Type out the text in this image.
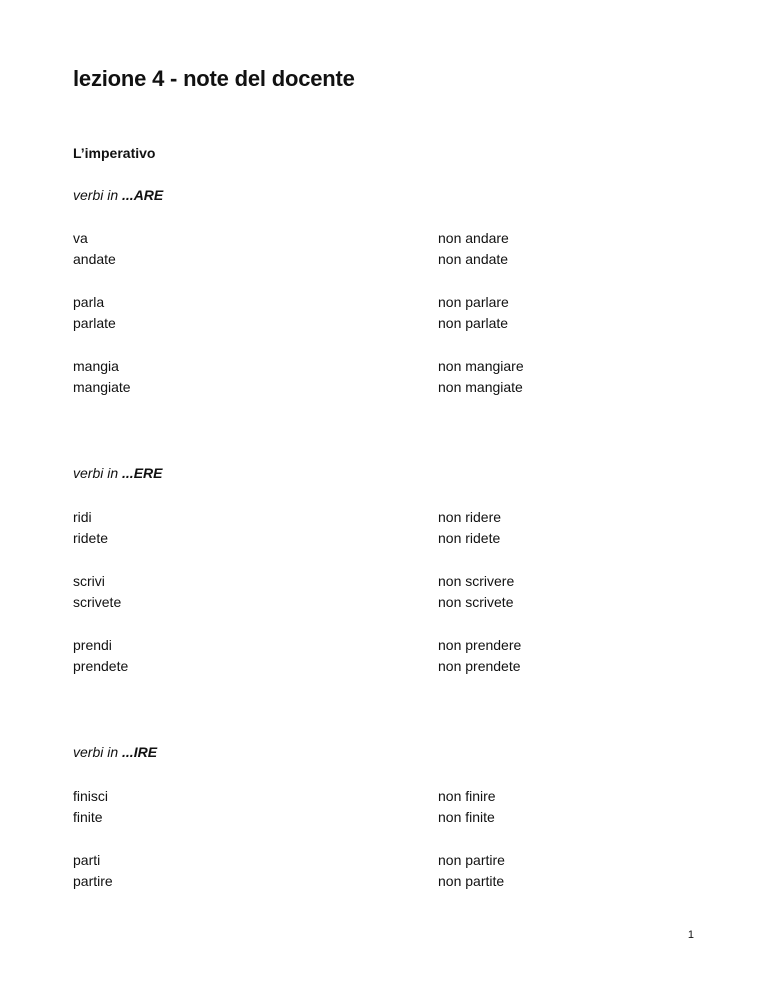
lezione 4 - note del docente
L’imperativo

verbi in ...ARE

va
andate
non andare
non andate
parla
parlate
non parlare
non parlate
mangia
mangiate
non mangiare
non mangiate

verbi in ...ERE

ridi
ridete
non ridere
non ridete
scrivi
scrivete
non scrivere
non scrivete
prendi
prendete
non prendere
non prendete

verbi in ...IRE

finisci
finite
non finire
non finite
parti
partire
non partire
non partite
1
